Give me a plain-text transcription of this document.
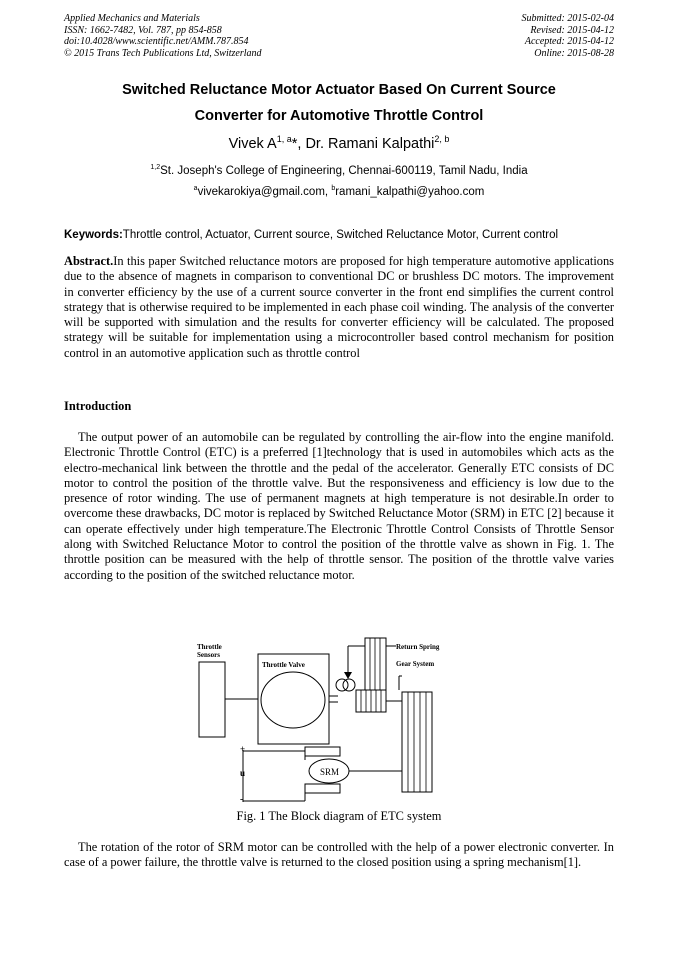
Applied Mechanics and Materials
ISSN: 1662-7482, Vol. 787, pp 854-858
doi:10.4028/www.scientific.net/AMM.787.854
© 2015 Trans Tech Publications Ltd, Switzerland
Submitted: 2015-02-04
Revised: 2015-04-12
Accepted: 2015-04-12
Online: 2015-08-28
Switched Reluctance Motor Actuator Based On Current Source
Converter for Automotive Throttle Control
Vivek A$^{1, a}$*, Dr. Ramani Kalpathi$^{2, b}$
$^{1,2}$St. Joseph's College of Engineering, Chennai-600119, Tamil Nadu, India
$^a$vivekarokiya@gmail.com, $^b$ramani_kalpathi@yahoo.com
Keywords:Throttle control, Actuator, Current source, Switched Reluctance Motor, Current control

Abstract.In this paper Switched reluctance motors are proposed for high temperature automotive applications due to the absence of magnets in comparison to conventional DC or brushless DC motors. The improvement in converter efficiency by the use of a current source converter in the front end simplifies the current control strategy that is otherwise required to be implemented in each phase coil winding. The analysis of the converter will be supported with simulation and the results for converter efficiency will be calculated. The proposed strategy will be suitable for implementation using a microcontroller based control mechanism for position control in an automotive application such as throttle control

Introduction

The output power of an automobile can be regulated by controlling the air-flow into the engine manifold. Electronic Throttle Control (ETC) is a preferred [1]technology that is used in automobiles which acts as the electro-mechanical link between the throttle and the pedal of the accelerator. Generally ETC consists of DC motor to control the position of the throttle valve. But the responsiveness and efficiency is low due to the presence of rotor winding. The use of permanent magnets at high temperature is not desirable.In order to overcome these drawbacks, DC motor is replaced by Switched Reluctance Motor (SRM) in ETC [2] because it can operate effectively under high temperature.The Electronic Throttle Control Consists of Throttle Sensor along with Switched Reluctance Motor to control the position of the throttle valve as shown in Fig. 1. The throttle position can be measured with the help of throttle sensor. The position of the throttle valve varies according to the position of the switched reluctance motor.

Throttle
Sensors
Throttle Valve
Return Spring
Gear System
SRM
+
u
-
Fig. 1 The Block diagram of ETC system

The rotation of the rotor of SRM motor can be controlled with the help of a power electronic converter. In case of a power failure, the throttle valve is returned to the closed position using a spring mechanism[1].
